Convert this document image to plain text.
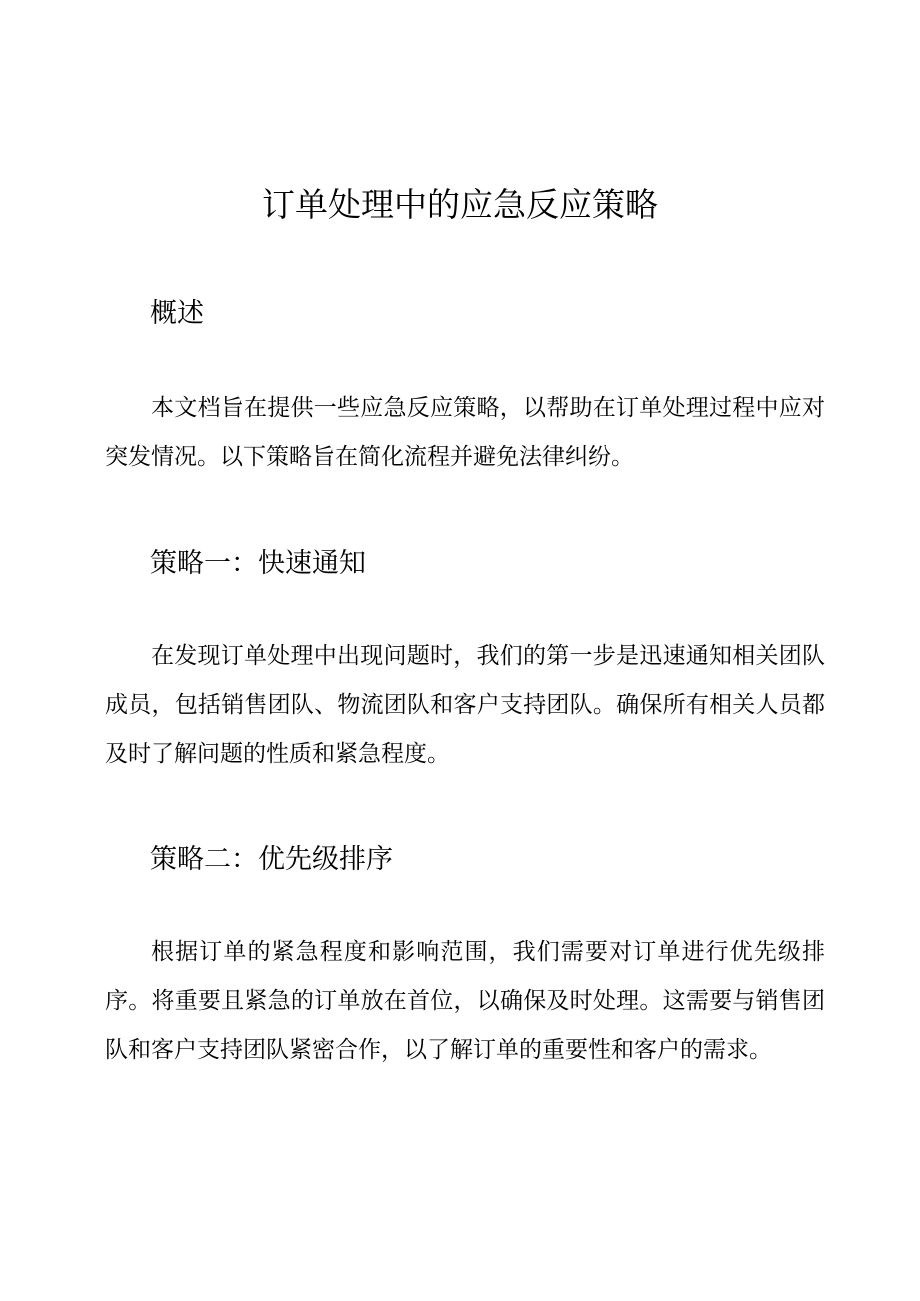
订单处理中的应急反应策略
概述

本文档旨在提供一些应急反应策略，以帮助在订单处理过程中应对突发情况。以下策略旨在简化流程并避免法律纠纷。

策略一：快速通知

在发现订单处理中出现问题时，我们的第一步是迅速通知相关团队成员，包括销售团队、物流团队和客户支持团队。确保所有相关人员都及时了解问题的性质和紧急程度。

策略二：优先级排序

根据订单的紧急程度和影响范围，我们需要对订单进行优先级排序。将重要且紧急的订单放在首位，以确保及时处理。这需要与销售团队和客户支持团队紧密合作，以了解订单的重要性和客户的需求。
